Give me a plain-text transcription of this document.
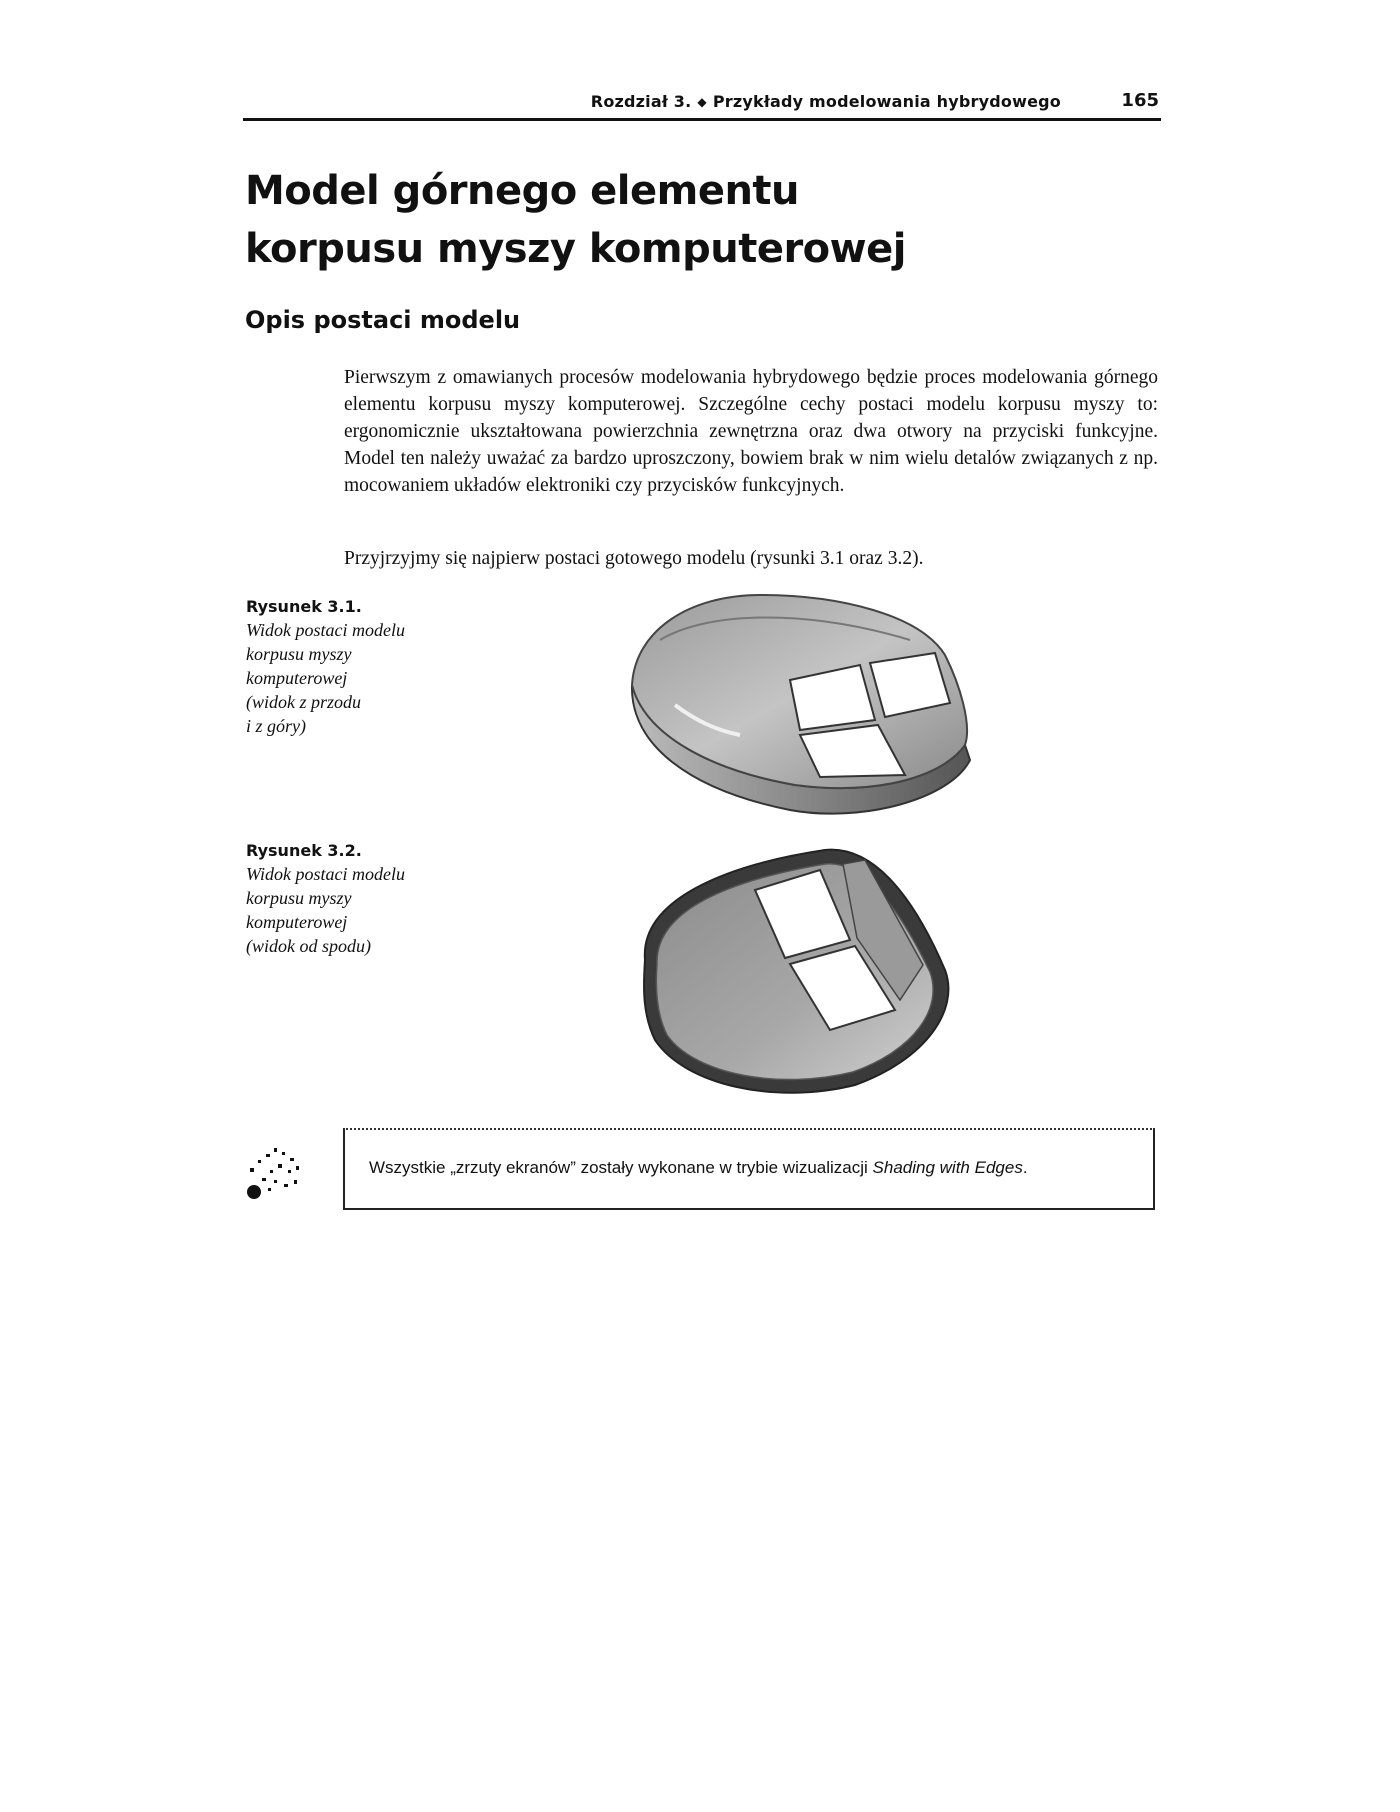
Rozdział 3. ◆ Przykłady modelowania hybrydowego	165
Model górnego elementu
korpusu myszy komputerowej
Opis postaci modelu

Pierwszym z omawianych procesów modelowania hybrydowego będzie proces modelowania górnego elementu korpusu myszy komputerowej. Szczególne cechy postaci modelu korpusu myszy to: ergonomicznie ukształtowana powierzchnia zewnętrzna oraz dwa otwory na przyciski funkcyjne. Model ten należy uważać za bardzo uproszczony, bowiem brak w nim wielu detalów związanych z np. mocowaniem układów elektroniki czy przycisków funkcyjnych.

Przyjrzyjmy się najpierw postaci gotowego modelu (rysunki 3.1 oraz 3.2).

Rysunek 3.1.
Widok postaci modelu
korpusu myszy
komputerowej
(widok z przodu
i z góry)
Rysunek 3.2.
Widok postaci modelu
korpusu myszy
komputerowej
(widok od spodu)
Wszystkie „zrzuty ekranów” zostały wykonane w trybie wizualizacji Shading with Edges.
